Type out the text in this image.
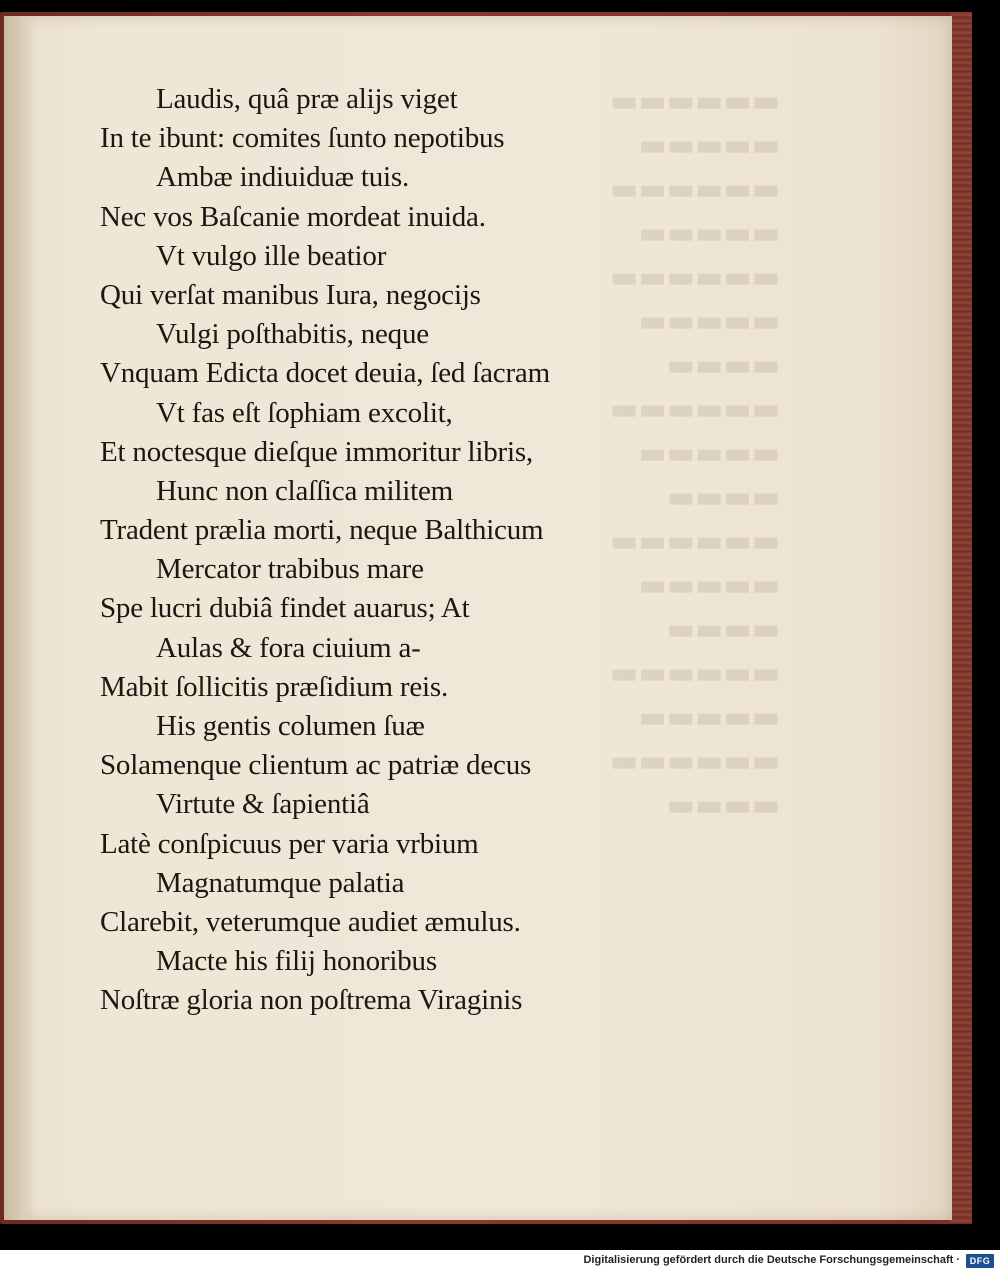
▬▬▬▬▬▬
▬▬▬▬▬
▬▬▬▬▬▬
▬▬▬▬▬
▬▬▬▬▬▬
▬▬▬▬▬
▬▬▬▬
▬▬▬▬▬▬
▬▬▬▬▬
▬▬▬▬
▬▬▬▬▬▬
▬▬▬▬▬
▬▬▬▬
▬▬▬▬▬▬
▬▬▬▬▬
▬▬▬▬▬▬
▬▬▬▬
Laudis, quâ præ alijs viget
In te ibunt: comites ſunto nepotibus
Ambæ indiuiduæ tuis.
Nec vos Baſcanie mordeat inuida.
Vt vulgo ille beatior
Qui verſat manibus Iura, negocijs
Vulgi poſthabitis, neque
Vnquam Edicta docet deuia, ſed ſacram
Vt fas eſt ſophiam excolit,
Et noctesque dieſque immoritur libris,
Hunc non claſſica militem
Tradent prælia morti, neque Balthicum
Mercator trabibus mare
Spe lucri dubiâ findet auarus; At
Aulas & fora ciuium a-
Mabit ſollicitis præſidium reis.
His gentis columen ſuæ
Solamenque clientum ac patriæ decus
Virtute & ſapientiâ
Latè conſpicuus per varia vrbium
Magnatumque palatia
Clarebit, veterumque audiet æmulus.
Macte his filij honoribus
Noſtræ gloria non poſtrema Viraginis
Digitalisierung gefördert durch die Deutsche Forschungsgemeinschaft ·	DFG
